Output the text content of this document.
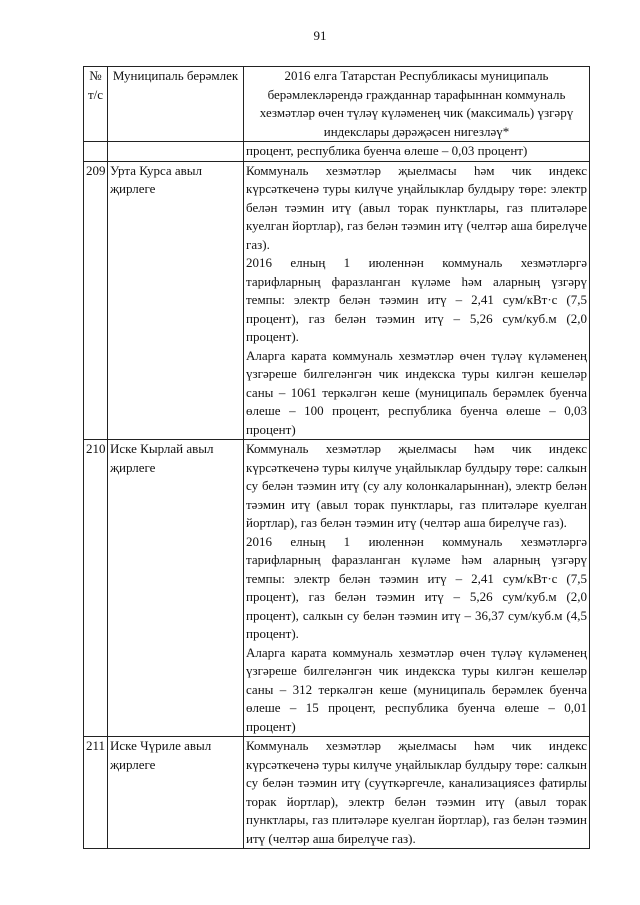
91
№ т/с	Муниципаль берәмлек	2016 елга Татарстан Республикасы муниципаль берәмлекләрендә гражданнар тарафыннан коммуналь хезмәтләр өчен түләү күләменең чик (максималь) үзгәрү индекслары дәрәҗәсен нигезләү*
		процент, республика буенча өлеше – 0,03 процент)
209	Урта Курса авыл җирлеге	Коммуналь хезмәтләр җыелмасы һәм чик индекс күрсәткеченә туры килүче уңайлыклар булдыру төре: электр белән тәэмин итү (авыл торак пунктлары, газ плитәләре куелган йортлар), газ белән тәэмин итү (челтәр аша бирелүче газ).

2016 елның 1 июленнән коммуналь хезмәтләргә тарифларның фаразланган күләме һәм аларның үзгәрү темпы: электр белән тәэмин итү – 2,41 сум/кВт·с (7,5 процент), газ белән тәэмин итү – 5,26 сум/куб.м (2,0 процент).

Аларга карата коммуналь хезмәтләр өчен түләү күләменең үзгәреше билгеләнгән чик индекска туры килгән кешеләр саны – 1061 теркәлгән кеше (муниципаль берәмлек буенча өлеше – 100 процент, республика буенча өлеше – 0,03 процент)

210	Иске Кырлай авыл җирлеге	Коммуналь хезмәтләр җыелмасы һәм чик индекс күрсәткеченә туры килүче уңайлыклар булдыру төре: салкын су белән тәэмин итү (су алу колонкаларыннан), электр белән тәэмин итү (авыл торак пунктлары, газ плитәләре куелган йортлар), газ белән тәэмин итү (челтәр аша бирелүче газ).

2016 елның 1 июленнән коммуналь хезмәтләргә тарифларның фаразланган күләме һәм аларның үзгәрү темпы: электр белән тәэмин итү – 2,41 сум/кВт·с (7,5 процент), газ белән тәэмин итү – 5,26 сум/куб.м (2,0 процент), салкын су белән тәэмин итү – 36,37 сум/куб.м (4,5 процент).

Аларга карата коммуналь хезмәтләр өчен түләү күләменең үзгәреше билгеләнгән чик индекска туры килгән кешеләр саны – 312 теркәлгән кеше (муниципаль берәмлек буенча өлеше – 15 процент, республика буенча өлеше – 0,01 процент)

211	Иске Чүриле авыл җирлеге	Коммуналь хезмәтләр җыелмасы һәм чик индекс күрсәткеченә туры килүче уңайлыклар булдыру төре: салкын су белән тәэмин итү (суүткәргечле, канализациясез фатирлы торак йортлар), электр белән тәэмин итү (авыл торак пунктлары, газ плитәләре куелган йортлар), газ белән тәэмин итү (челтәр аша бирелүче газ).
